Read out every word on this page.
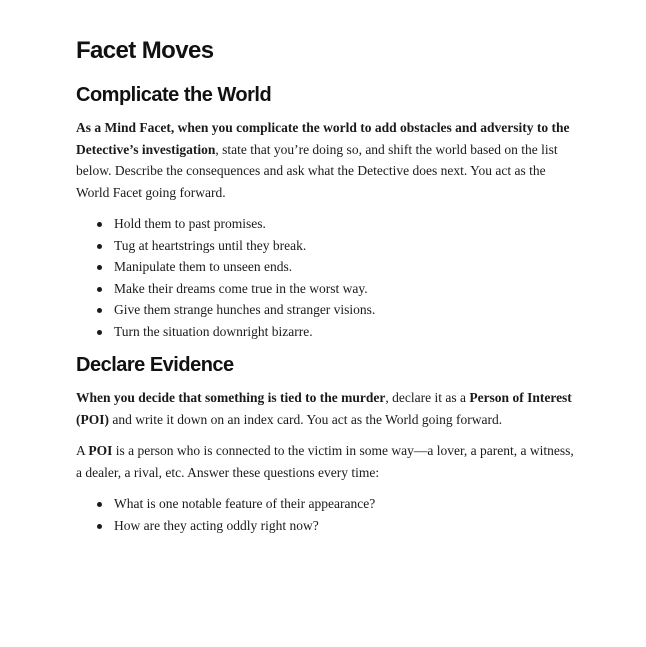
Facet Moves
Complicate the World

As a Mind Facet, when you complicate the world to add obstacles and adversity to the Detective’s investigation, state that you’re doing so, and shift the world based on the list below. Describe the consequences and ask what the Detective does next. You act as the World Facet going forward.

Hold them to past promises.
Tug at heartstrings until they break.
Manipulate them to unseen ends.
Make their dreams come true in the worst way.
Give them strange hunches and stranger visions.
Turn the situation downright bizarre.
Declare Evidence

When you decide that something is tied to the murder, declare it as a Person of Interest (POI) and write it down on an index card. You act as the World going forward.

A POI is a person who is connected to the victim in some way—a lover, a parent, a witness, a dealer, a rival, etc. Answer these questions every time:

What is one notable feature of their appearance?
How are they acting oddly right now?
